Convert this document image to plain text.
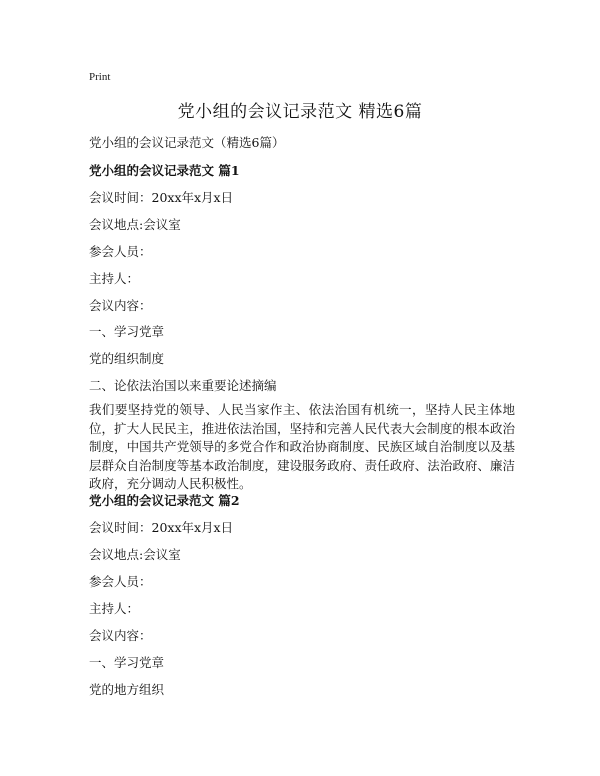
Print
党小组的会议记录范文 精选6篇
党小组的会议记录范文（精选6篇）
党小组的会议记录范文 篇1
会议时间：20xx年x月x日
会议地点:会议室
参会人员：
主持人：
会议内容：
一、学习党章
党的组织制度
二、论依法治国以来重要论述摘编
我们要坚持党的领导、人民当家作主、依法治国有机统一，坚持人民主体地位，扩大人民民主，推进依法治国，坚持和完善人民代表大会制度的根本政治制度，中国共产党领导的多党合作和政治协商制度、民族区域自治制度以及基层群众自治制度等基本政治制度，建设服务政府、责任政府、法治政府、廉洁政府，充分调动人民积极性。
党小组的会议记录范文 篇2
会议时间：20xx年x月x日
会议地点:会议室
参会人员：
主持人：
会议内容：
一、学习党章
党的地方组织
